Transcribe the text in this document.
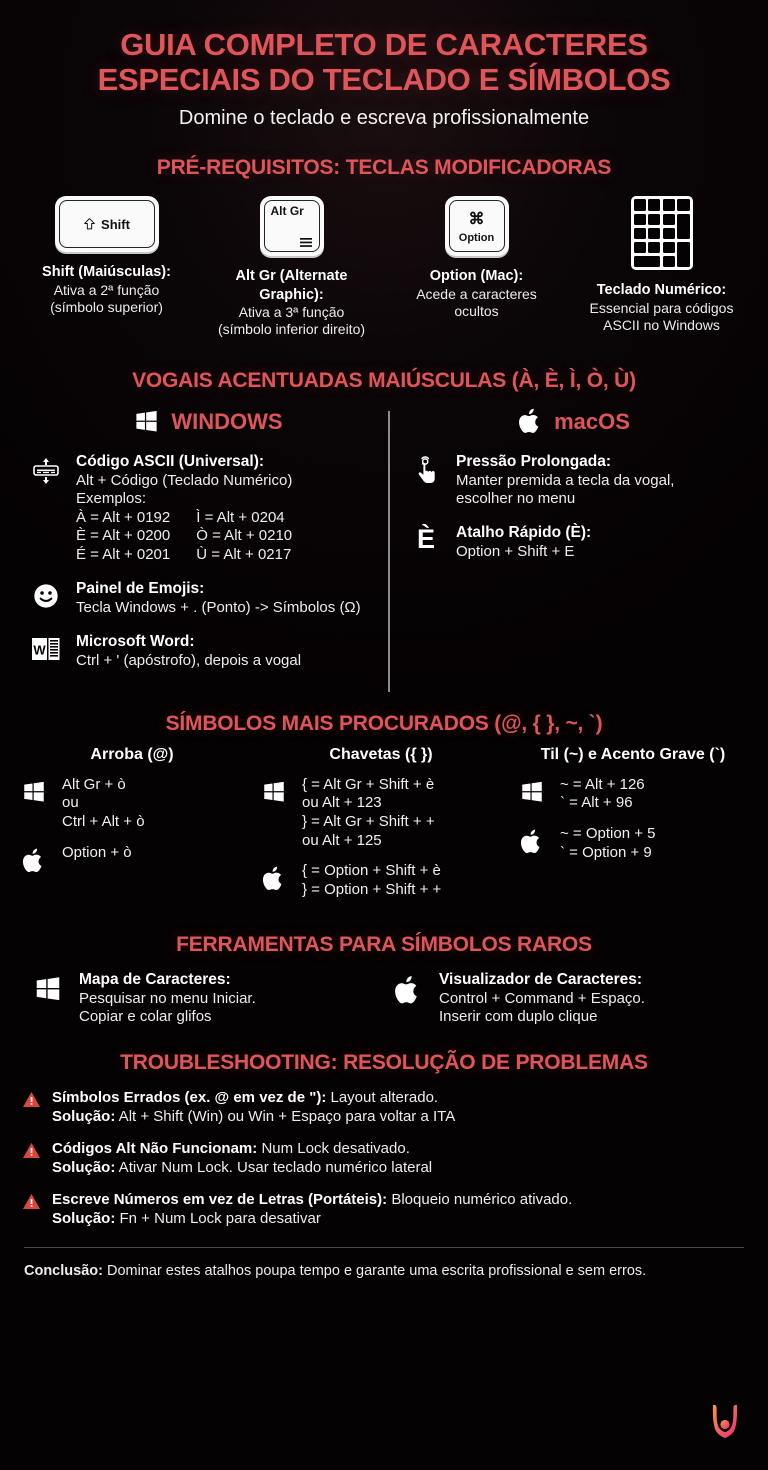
GUIA COMPLETO DE CARACTERES
ESPECIAIS DO TECLADO E SÍMBOLOS
Domine o teclado e escreva profissionalmente
PRÉ-REQUISITOS: TECLAS MODIFICADORAS
Shift
Shift (Maiúsculas):
Ativa a 2ª função
(símbolo superior)
Alt Gr
Alt Gr (Alternate Graphic):
Ativa a 3ª função
(símbolo inferior direito)
⌘
Option
Option (Mac):
Acede a caracteres
ocultos
Teclado Numérico:
Essencial para códigos
ASCII no Windows
VOGAIS ACENTUADAS MAIÚSCULAS (À, È, Ì, Ò, Ù)
WINDOWS
Código ASCII (Universal):
Alt + Código (Teclado Numérico)
Exemplos:
À = Alt + 0192
È = Alt + 0200
É = Alt + 0201
Ì = Alt + 0204
Ò = Alt + 0210
Ù = Alt + 0217
Painel de Emojis:
Tecla Windows + . (Ponto) -> Símbolos (Ω)
W Microsoft Word:
Ctrl + ' (apóstrofo), depois a vogal
macOS
Pressão Prolongada:
Manter premida a tecla da vogal,
escolher no menu
È Atalho Rápido (È):
Option + Shift + E
SÍMBOLOS MAIS PROCURADOS (@, { }, ~, `)
Arroba (@)
Alt Gr + ò
ou
Ctrl + Alt + ò
Option + ò
Chavetas ({ })
{ = Alt Gr + Shift + è
ou Alt + 123
} = Alt Gr + Shift + +
ou Alt + 125
{ = Option + Shift + è
} = Option + Shift + +
Til (~) e Acento Grave (`)
~ = Alt + 126
` = Alt + 96
~ = Option + 5
` = Option + 9
FERRAMENTAS PARA SÍMBOLOS RAROS
Mapa de Caracteres:
Pesquisar no menu Iniciar.
Copiar e colar glifos
Visualizador de Caracteres:
Control + Command + Espaço.
Inserir com duplo clique
TROUBLESHOOTING: RESOLUÇÃO DE PROBLEMAS
Símbolos Errados (ex. @ em vez de "): Layout alterado.
Solução: Alt + Shift (Win) ou Win + Espaço para voltar a ITA
Códigos Alt Não Funcionam: Num Lock desativado.
Solução: Ativar Num Lock. Usar teclado numérico lateral
Escreve Números em vez de Letras (Portáteis): Bloqueio numérico ativado.
Solução: Fn + Num Lock para desativar
Conclusão: Dominar estes atalhos poupa tempo e garante uma escrita profissional e sem erros.
